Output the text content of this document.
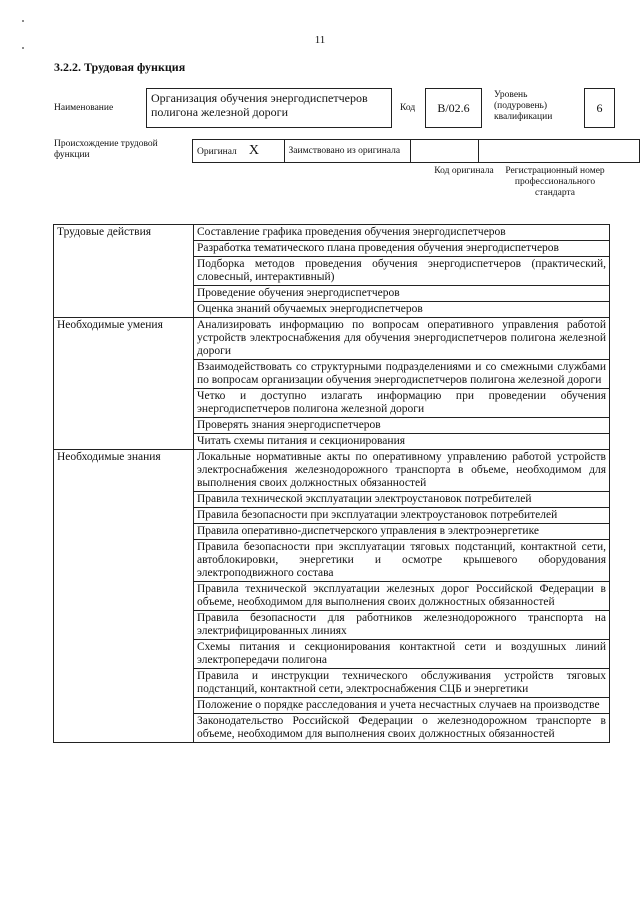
11
3.2.2. Трудовая функция
Наименование
Организация обучения энергодиспетчеров полигона железной дороги	Код	В/02.6
Уровень (подуровень) квалификации
6
Происхождение трудовой функции	Оригинал X	Заимствовано из оригинала		
Код оригинала	Регистрационный номер профессионального стандарта
Трудовые действия	Составление графика проведения обучения энергодиспетчеров
	Разработка тематического плана проведения обучения энергодиспетчеров
	Подборка методов проведения обучения энергодиспетчеров (практический, словесный, интерактивный)
	Проведение обучения энергодиспетчеров
	Оценка знаний обучаемых энергодиспетчеров
Необходимые умения	Анализировать информацию по вопросам оперативного управления работой устройств электроснабжения для обучения энергодиспетчеров полигона железной дороги
	Взаимодействовать со структурными подразделениями и со смежными службами по вопросам организации обучения энергодиспетчеров полигона железной дороги
	Четко и доступно излагать информацию при проведении обучения энергодиспетчеров полигона железной дороги
	Проверять знания энергодиспетчеров
	Читать схемы питания и секционирования
Необходимые знания	Локальные нормативные акты по оперативному управлению работой устройств электроснабжения железнодорожного транспорта в объеме, необходимом для выполнения своих должностных обязанностей
	Правила технической эксплуатации электроустановок потребителей
	Правила безопасности при эксплуатации электроустановок потребителей
	Правила оперативно-диспетчерского управления в электроэнергетике
	Правила безопасности при эксплуатации тяговых подстанций, контактной сети, автоблокировки, энергетики и осмотре крышевого оборудования электроподвижного состава
	Правила технической эксплуатации железных дорог Российской Федерации в объеме, необходимом для выполнения своих должностных обязанностей
	Правила безопасности для работников железнодорожного транспорта на электрифицированных линиях
	Схемы питания и секционирования контактной сети и воздушных линий электропередачи полигона
	Правила и инструкции технического обслуживания устройств тяговых подстанций, контактной сети, электроснабжения СЦБ и энергетики
	Положение о порядке расследования и учета несчастных случаев на производстве
	Законодательство Российской Федерации о железнодорожном транспорте в объеме, необходимом для выполнения своих должностных обязанностей
